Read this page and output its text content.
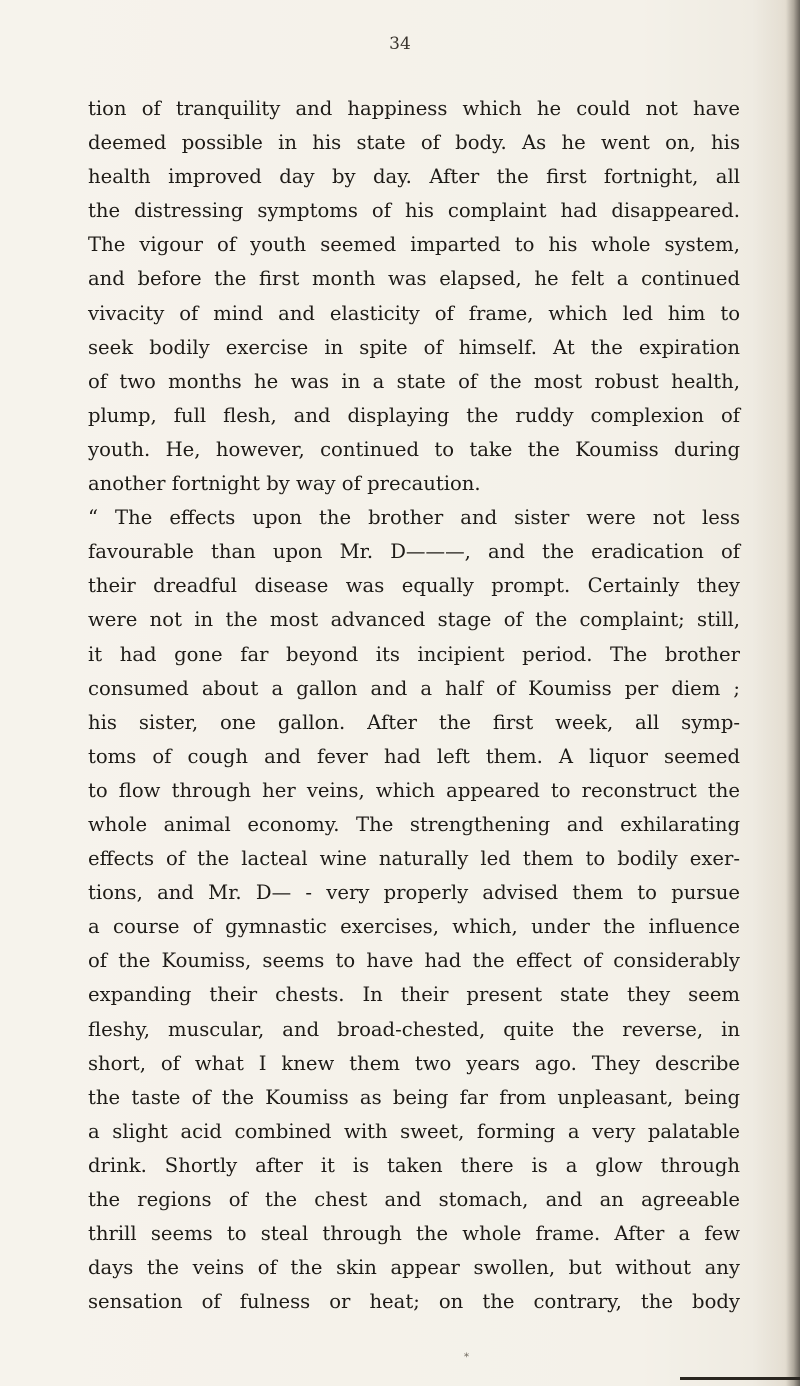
34
tion of tranquility and happiness which he could not have
deemed possible in his state of body. As he went on, his
health improved day by day. After the first fortnight, all
the distressing symptoms of his complaint had disappeared.
The vigour of youth seemed imparted to his whole system,
and before the first month was elapsed, he felt a continued
vivacity of mind and elasticity of frame, which led him to
seek bodily exercise in spite of himself. At the expiration
of two months he was in a state of the most robust health,
plump, full flesh, and displaying the ruddy complexion of
youth. He, however, continued to take the Koumiss during
another fortnight by way of precaution.
“ The effects upon the brother and sister were not less
favourable than upon Mr. D———, and the eradication of
their dreadful disease was equally prompt. Certainly they
were not in the most advanced stage of the complaint; still,
it had gone far beyond its incipient period. The brother
consumed about a gallon and a half of Koumiss per diem ;
his sister, one gallon. After the first week, all symp-
toms of cough and fever had left them. A liquor seemed
to flow through her veins, which appeared to reconstruct the
whole animal economy. The strengthening and exhilarating
effects of the lacteal wine naturally led them to bodily exer-
tions, and Mr. D— - very properly advised them to pursue
a course of gymnastic exercises, which, under the influence
of the Koumiss, seems to have had the effect of considerably
expanding their chests. In their present state they seem
fleshy, muscular, and broad-chested, quite the reverse, in
short, of what I knew them two years ago. They describe
the taste of the Koumiss as being far from unpleasant, being
a slight acid combined with sweet, forming a very palatable
drink. Shortly after it is taken there is a glow through
the regions of the chest and stomach, and an agreeable
thrill seems to steal through the whole frame. After a few
days the veins of the skin appear swollen, but without any
sensation of fulness or heat; on the contrary, the body
*
